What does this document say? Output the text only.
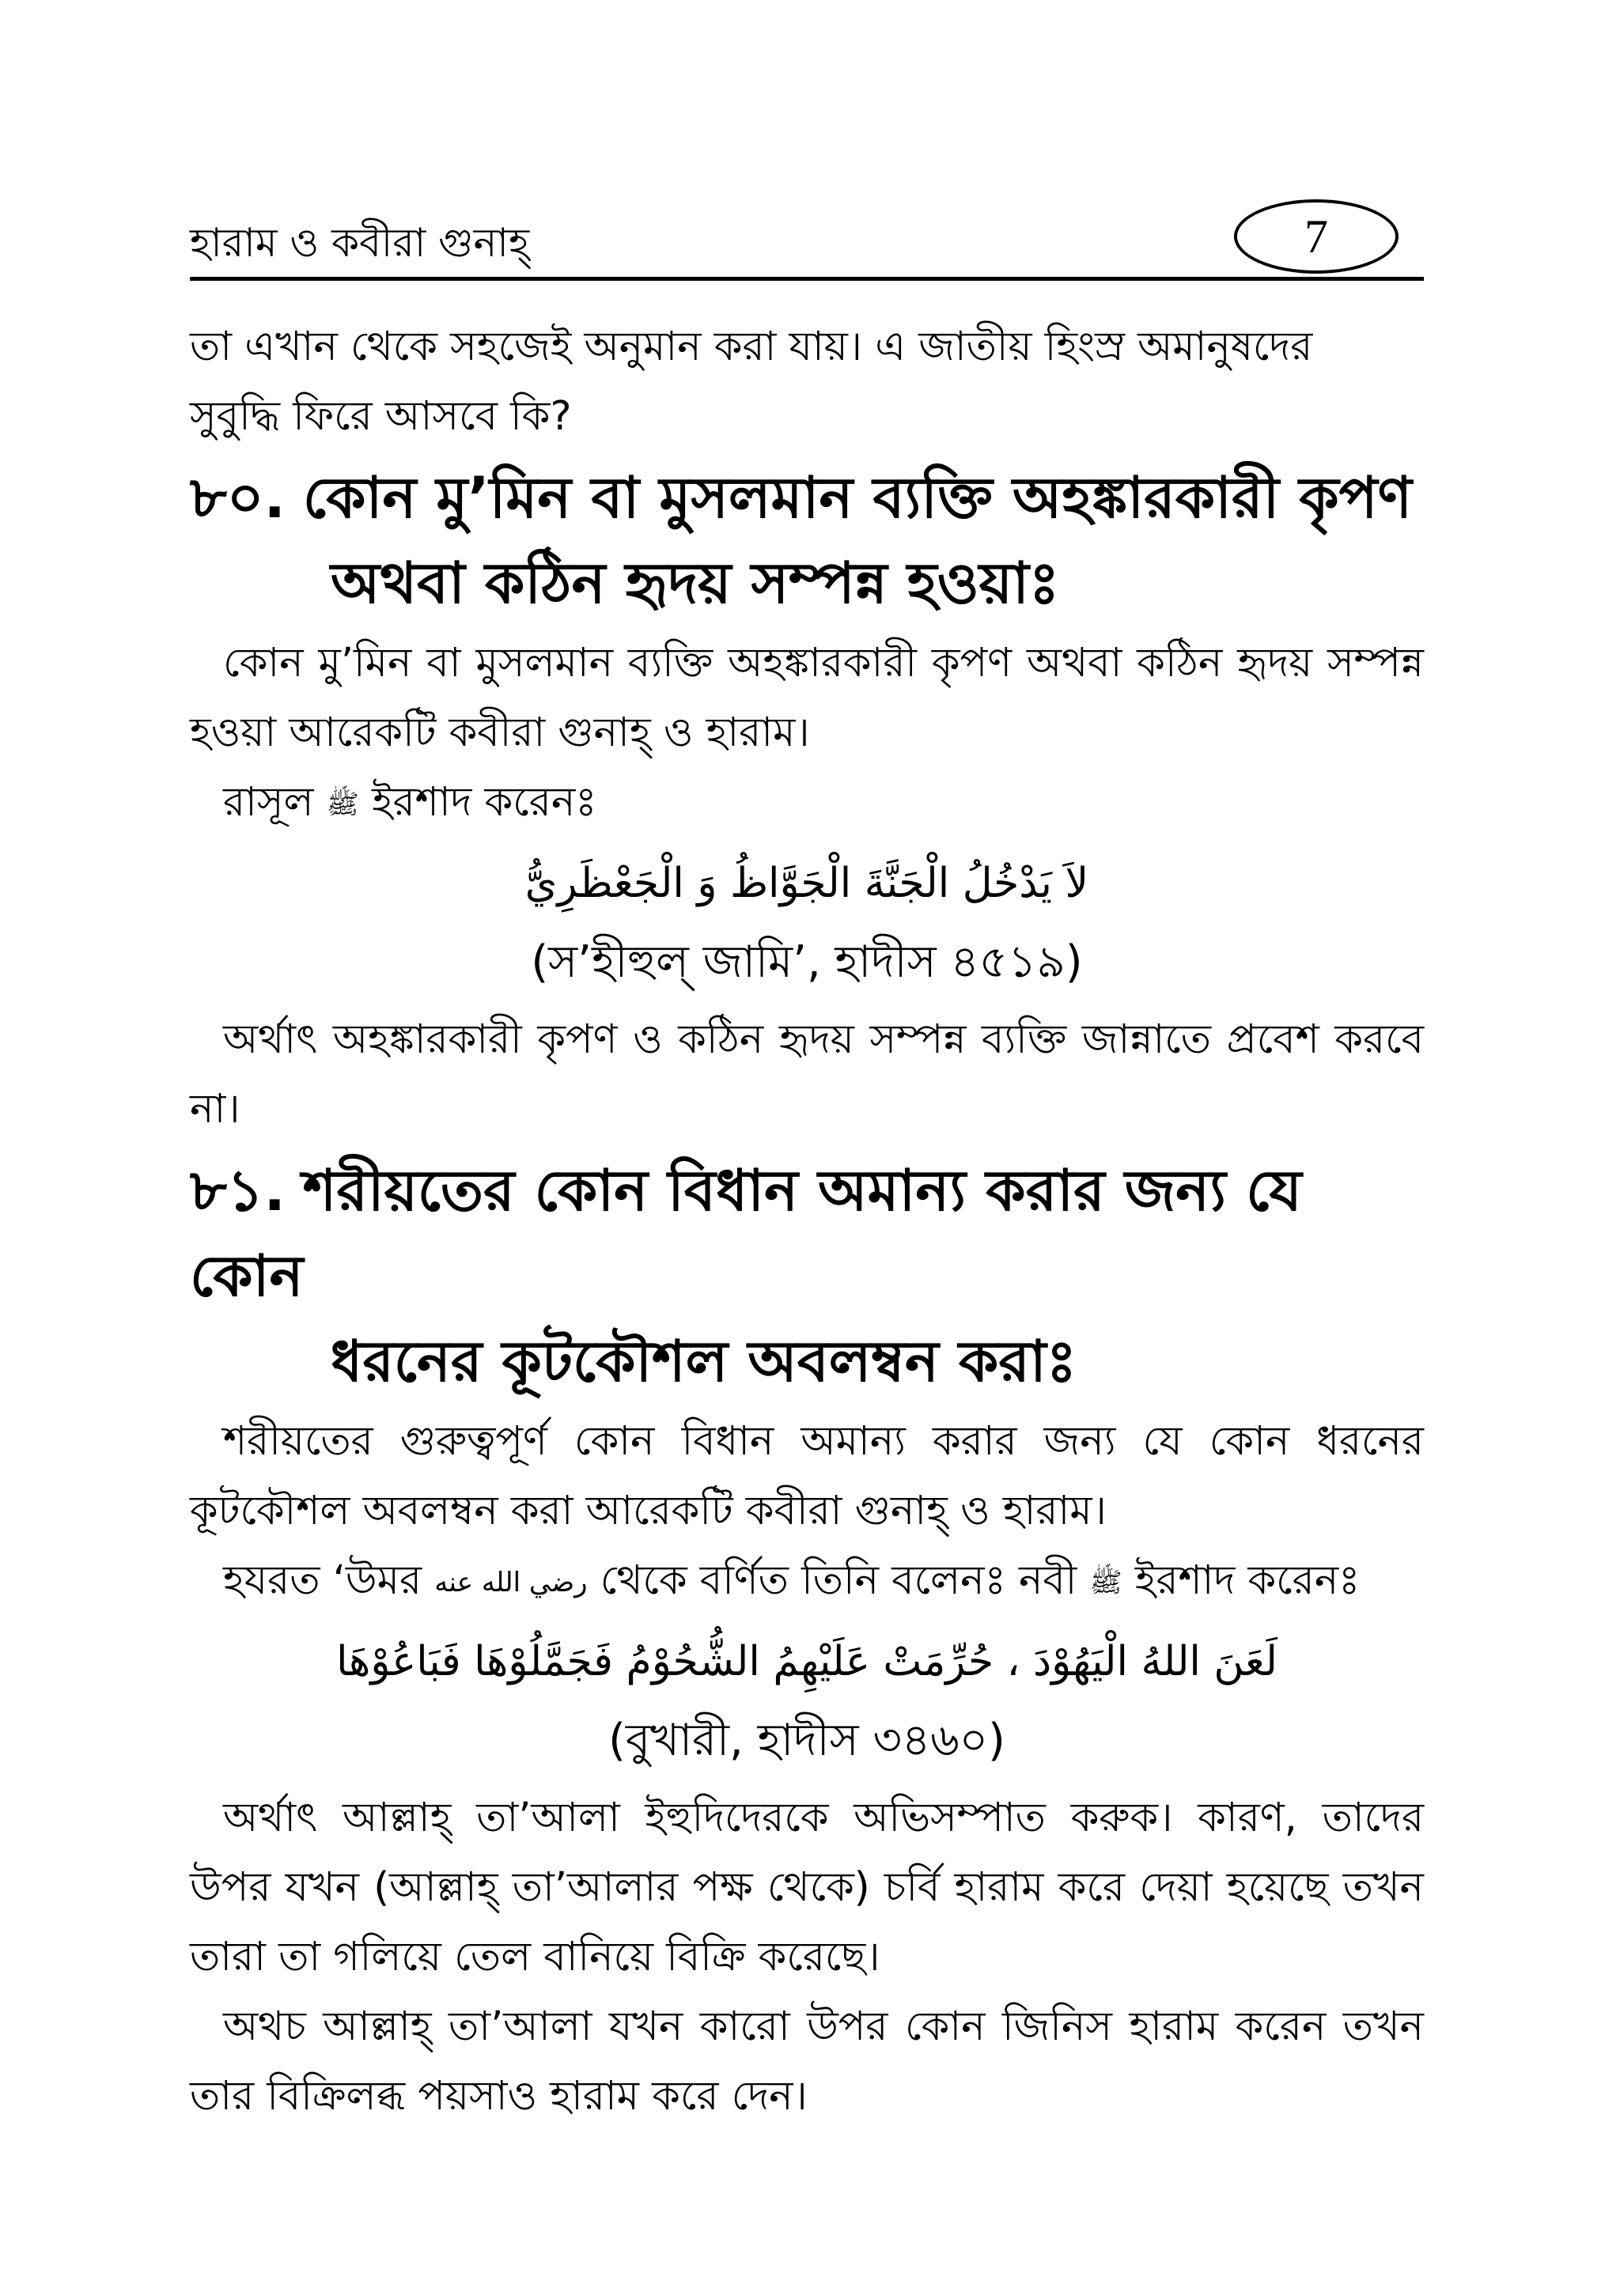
হারাম ও কবীরা গুনাহ্	7

তা এখান থেকে সহজেই অনুমান করা যায়। এ জাতীয় হিংস্র অমানুষদের
সুবুদ্ধি ফিরে আসবে কি?

৮০. কোন মু’মিন বা মুসলমান ব্যক্তি অহঙ্কারকারী কৃপণ
অথবা কঠিন হৃদয় সম্পন্ন হওয়াঃ

কোন মু’মিন বা মুসলমান ব্যক্তি অহঙ্কারকারী কৃপণ অথবা কঠিন হৃদয় সম্পন্ন হওয়া আরেকটি কবীরা গুনাহ্ ও হারাম।

রাসূল ﷺ ইরশাদ করেনঃ

لاَ يَدْخُلُ الْجَنَّةَ الْجَوَّاظُ وَ الْجَعْظَرِيُّ

(স’হীহুল্ জামি’, হাদীস ৪৫১৯)

অর্থাৎ অহঙ্কারকারী কৃপণ ও কঠিন হৃদয় সম্পন্ন ব্যক্তি জান্নাতে প্রবেশ করবে না।

৮১. শরীয়তের কোন বিধান অমান্য করার জন্য যে কোন
ধরনের কূটকৌশল অবলম্বন করাঃ

শরীয়তের গুরুত্বপূর্ণ কোন বিধান অমান্য করার জন্য যে কোন ধরনের কূটকৌশল অবলম্বন করা আরেকটি কবীরা গুনাহ্ ও হারাম।

হযরত ‘উমর رضي الله عنه থেকে বর্ণিত তিনি বলেনঃ নবী ﷺ ইরশাদ করেনঃ

لَعَنَ اللهُ الْيَهُوْدَ ، حُرِّمَتْ عَلَيْهِمُ الشُّحُوْمُ فَجَمَّلُوْهَا فَبَاعُوْهَا

(বুখারী, হাদীস ৩৪৬০)

অর্থাৎ আল্লাহ্ তা’আলা ইহুদিদেরকে অভিসম্পাত করুক। কারণ, তাদের উপর যখন (আল্লাহ্ তা’আলার পক্ষ থেকে) চর্বি হারাম করে দেয়া হয়েছে তখন তারা তা গলিয়ে তেল বানিয়ে বিক্রি করেছে।

অথচ আল্লাহ্ তা’আলা যখন কারো উপর কোন জিনিস হারাম করেন তখন তার বিক্রিলব্ধ পয়সাও হারাম করে দেন।
